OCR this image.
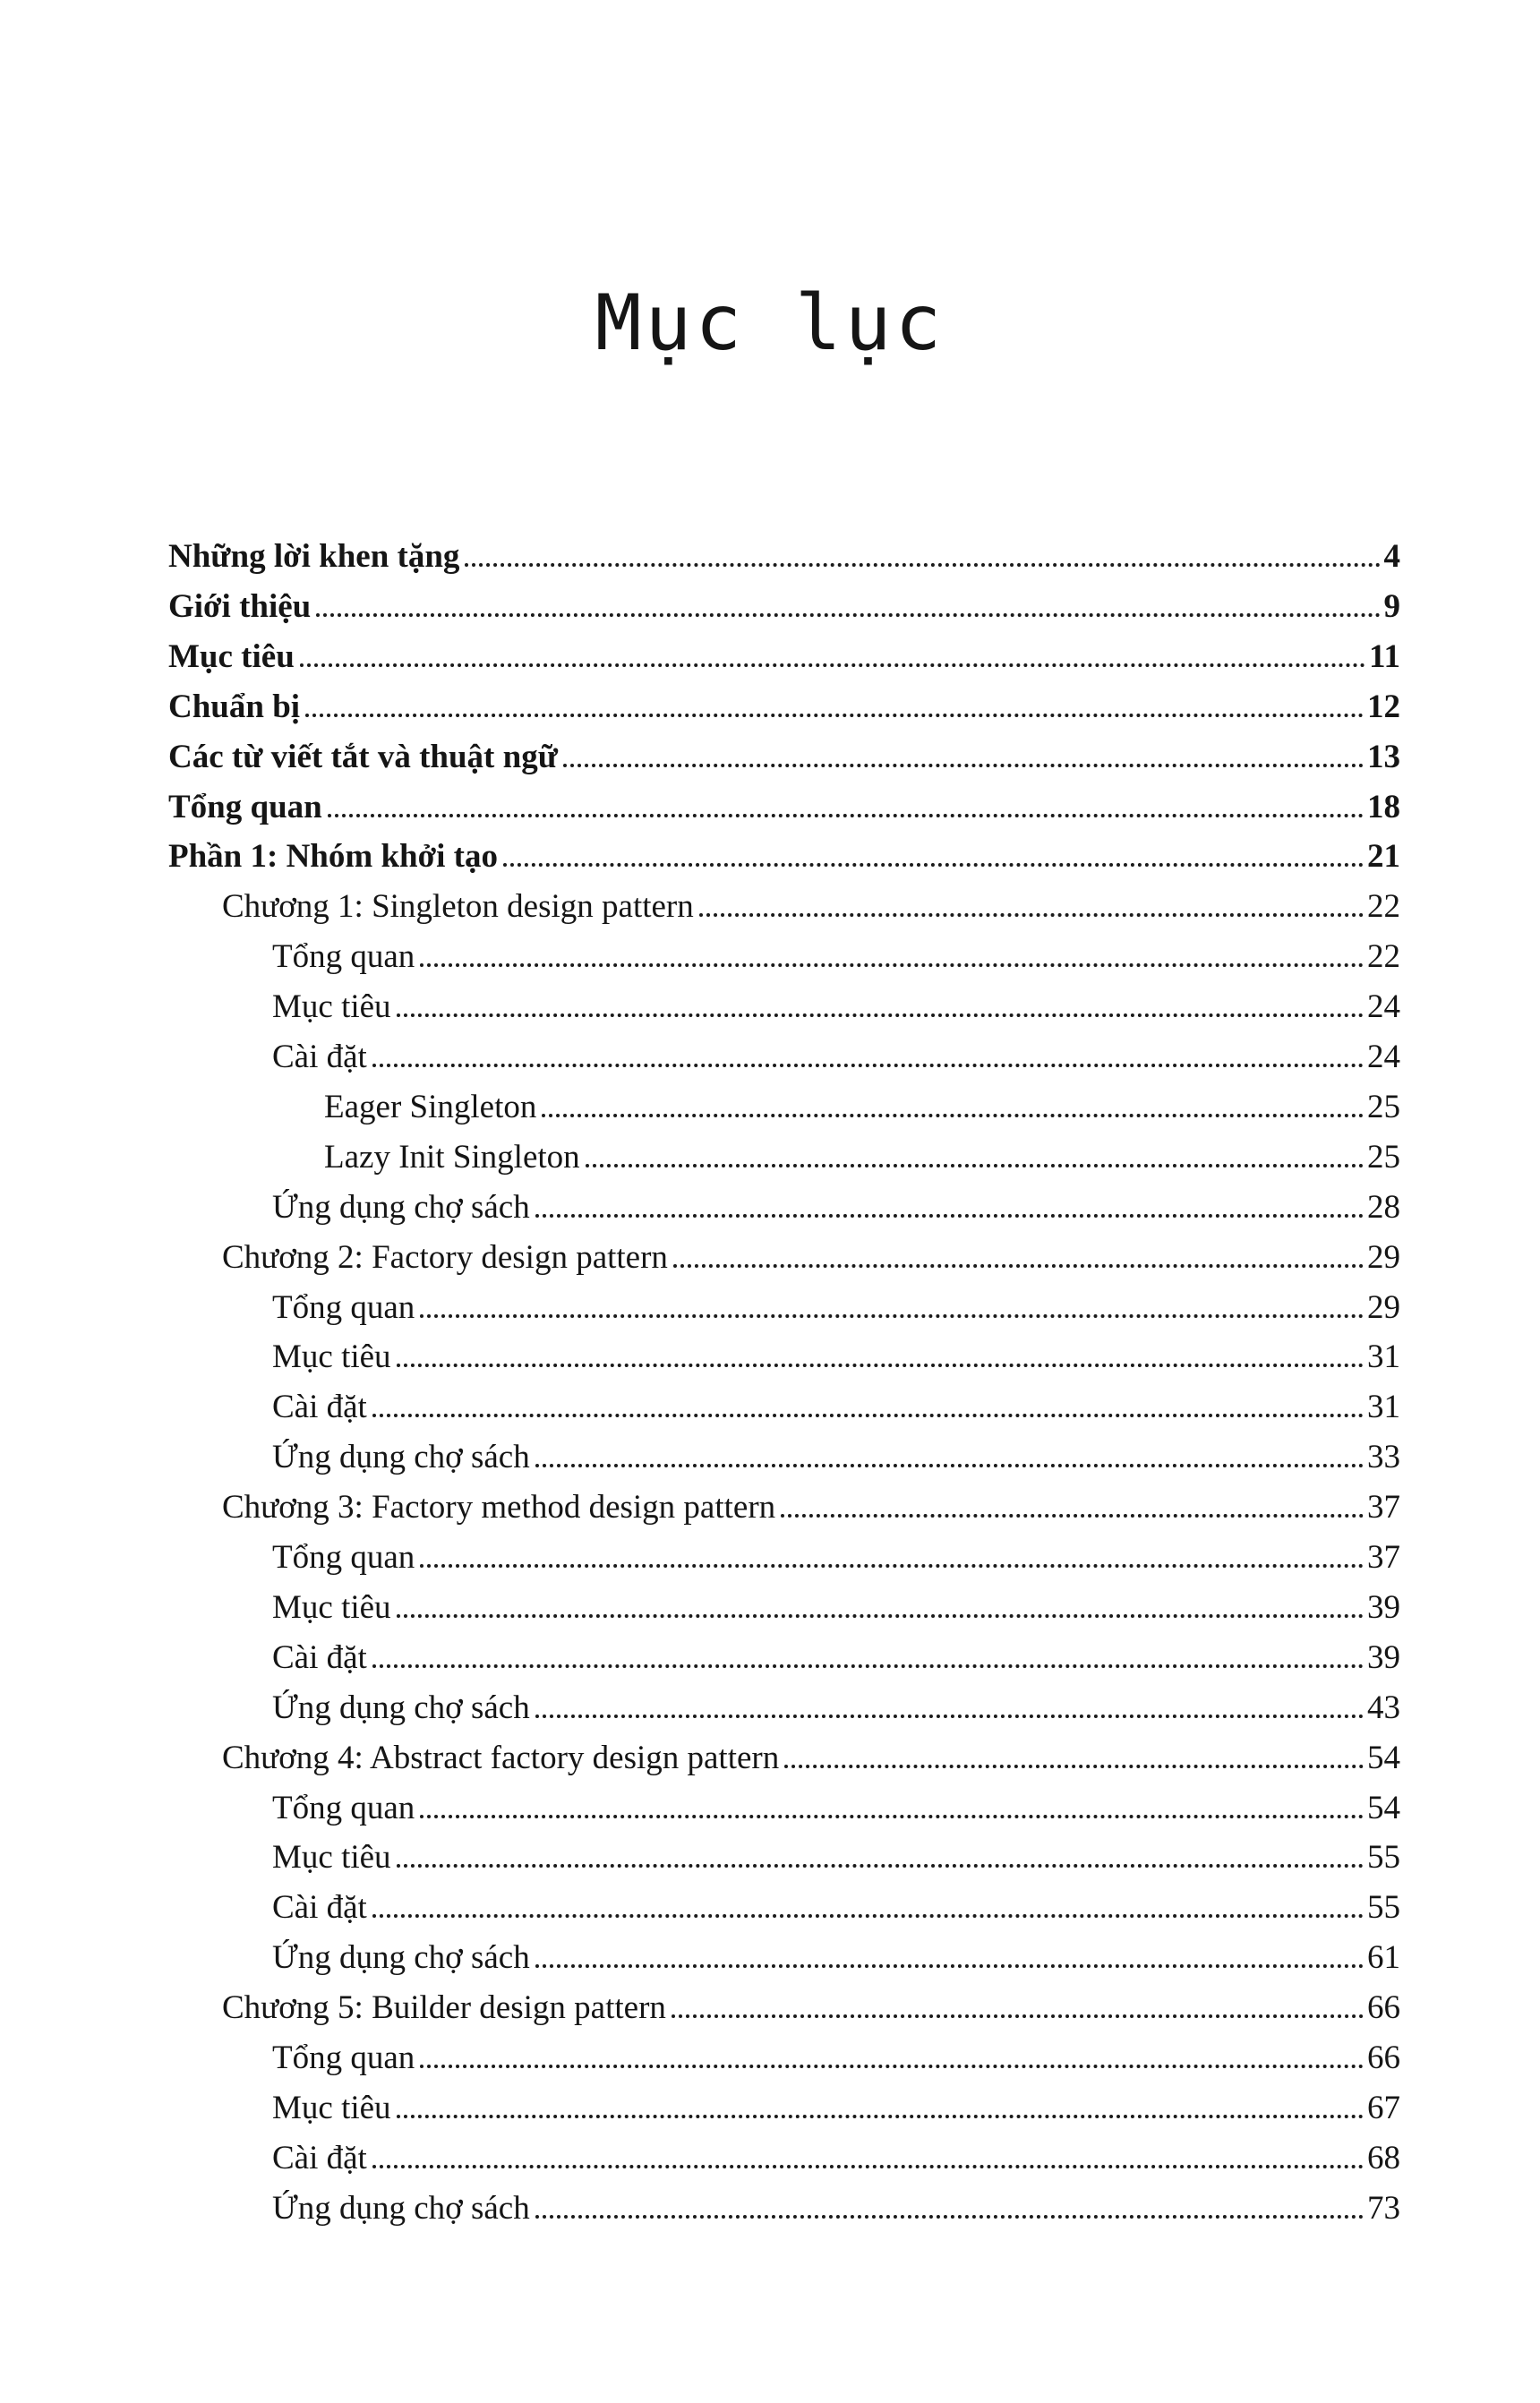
Mục lục
Những lời khen tặng	4
Giới thiệu	9
Mục tiêu	11
Chuẩn bị	12
Các từ viết tắt và thuật ngữ	13
Tổng quan	18
Phần 1: Nhóm khởi tạo	21
Chương 1: Singleton design pattern	22
Tổng quan	22
Mục tiêu	24
Cài đặt	24
Eager Singleton	25
Lazy Init Singleton	25
Ứng dụng chợ sách	28
Chương 2: Factory design pattern	29
Tổng quan	29
Mục tiêu	31
Cài đặt	31
Ứng dụng chợ sách	33
Chương 3: Factory method design pattern	37
Tổng quan	37
Mục tiêu	39
Cài đặt	39
Ứng dụng chợ sách	43
Chương 4: Abstract factory design pattern	54
Tổng quan	54
Mục tiêu	55
Cài đặt	55
Ứng dụng chợ sách	61
Chương 5: Builder design pattern	66
Tổng quan	66
Mục tiêu	67
Cài đặt	68
Ứng dụng chợ sách	73
